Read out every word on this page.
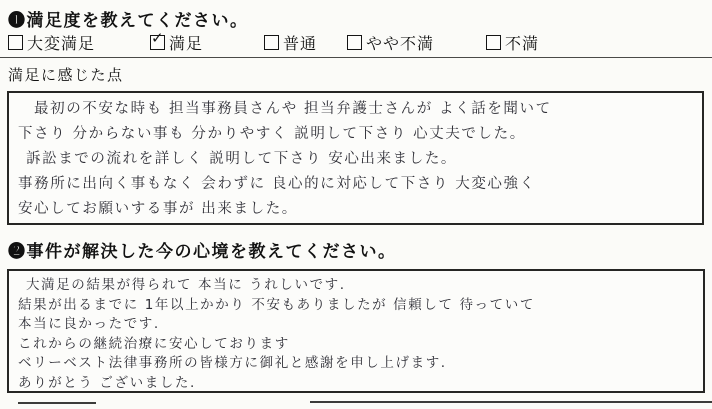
❶満足度を教えてください。
大変満足	✓ 満足	普通	やや不満	不満
満足に感じた点
最初の不安な時も 担当事務員さんや 担当弁護士さんが よく話を聞いて
下さり 分からない事も 分かりやすく 説明して下さり 心丈夫でした。
訴訟までの流れを詳しく 説明して下さり 安心出来ました。
事務所に出向く事もなく 会わずに 良心的に対応して下さり 大変心強く
安心してお願いする事が 出来ました。
❷事件が解決した今の心境を教えてください。
大満足の結果が得られて 本当に うれしいです.
結果が出るまでに 1年以上かかり 不安もありましたが 信頼して 待っていて
本当に良かったです.
これからの継続治療に安心しております
ベリーベスト法律事務所の皆様方に御礼と感謝を申し上げます.
ありがとう ございました.
